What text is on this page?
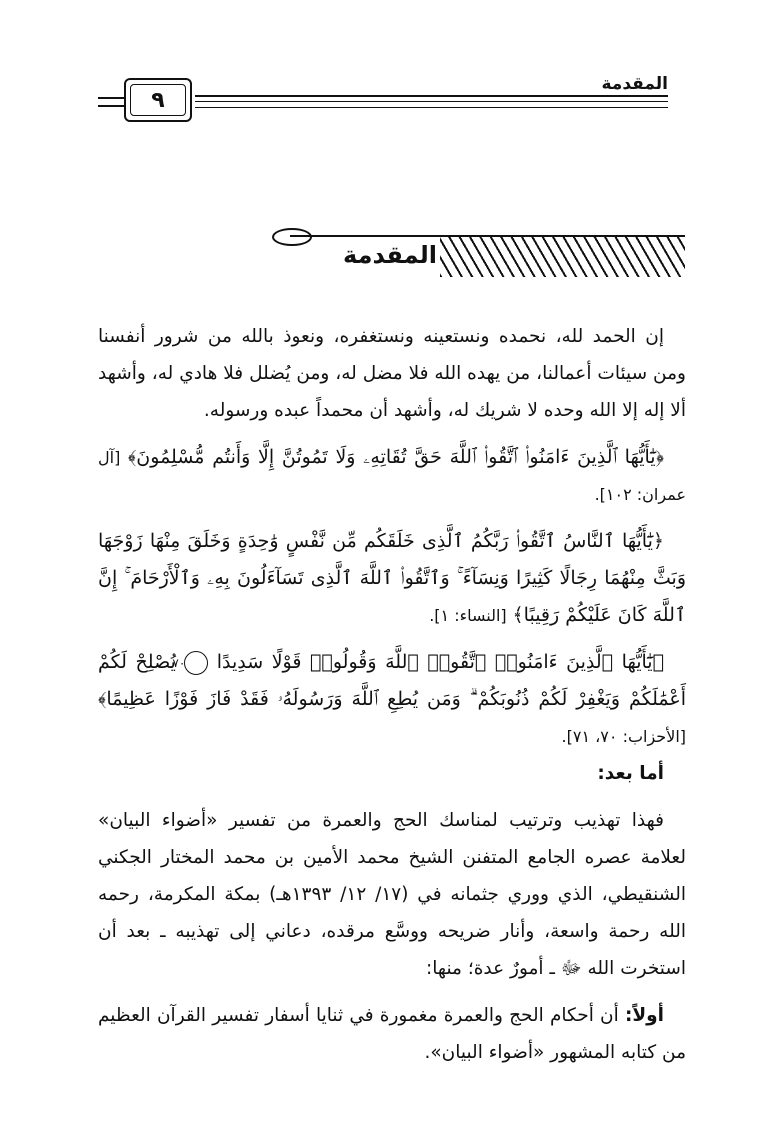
٩
المقدمة
المقدمة

إن الحمد لله، نحمده ونستعينه ونستغفره، ونعوذ بالله من شرور أنفسنا ومن سيئات أعمالنا، من يهده الله فلا مضل له، ومن يُضلل فلا هادي له، وأشهد ألا إله إلا الله وحده لا شريك له، وأشهد أن محمداً عبده ورسوله.

﴿يَٰٓأَيُّهَا ٱلَّذِينَ ءَامَنُوا۟ ٱتَّقُوا۟ ٱللَّهَ حَقَّ تُقَاتِهِۦ وَلَا تَمُوتُنَّ إِلَّا وَأَنتُم مُّسْلِمُونَ﴾ [آل عمران: ١٠٢].

﴿يَٰٓأَيُّهَا ٱلنَّاسُ ٱتَّقُوا۟ رَبَّكُمُ ٱلَّذِى خَلَقَكُم مِّن نَّفْسٍ وَٰحِدَةٍ وَخَلَقَ مِنْهَا زَوْجَهَا وَبَثَّ مِنْهُمَا رِجَالًا كَثِيرًا وَنِسَآءً ۚ وَٱتَّقُوا۟ ٱللَّهَ ٱلَّذِى تَسَآءَلُونَ بِهِۦ وَٱلْأَرْحَامَ ۚ إِنَّ ٱللَّهَ كَانَ عَلَيْكُمْ رَقِيبًا﴾ [النساء: ١].

﴿يَٰٓأَيُّهَا ٱلَّذِينَ ءَامَنُوا۟ ٱتَّقُوا۟ ٱللَّهَ وَقُولُوا۟ قَوْلًا سَدِيدًا ٧٠ يُصْلِحْ لَكُمْ أَعْمَٰلَكُمْ وَيَغْفِرْ لَكُمْ ذُنُوبَكُمْ ۗ وَمَن يُطِعِ ٱللَّهَ وَرَسُولَهُۥ فَقَدْ فَازَ فَوْزًا عَظِيمًا﴾ [الأحزاب: ٧٠، ٧١].

أما بعد:

فهذا تهذيب وترتيب لمناسك الحج والعمرة من تفسير «أضواء البيان» لعلامة عصره الجامع المتفنن الشيخ محمد الأمين بن محمد المختار الجكني الشنقيطي، الذي ووري جثمانه في (١٧/ ١٢/ ١٣٩٣هـ) بمكة المكرمة، رحمه الله رحمة واسعة، وأنار ضريحه ووسَّع مرقده، دعاني إلى تهذيبه ـ بعد أن استخرت الله ﷻ ـ أمورٌ عدة؛ منها:

أولاً: أن أحكام الحج والعمرة مغمورة في ثنايا أسفار تفسير القرآن العظيم من كتابه المشهور «أضواء البيان».
